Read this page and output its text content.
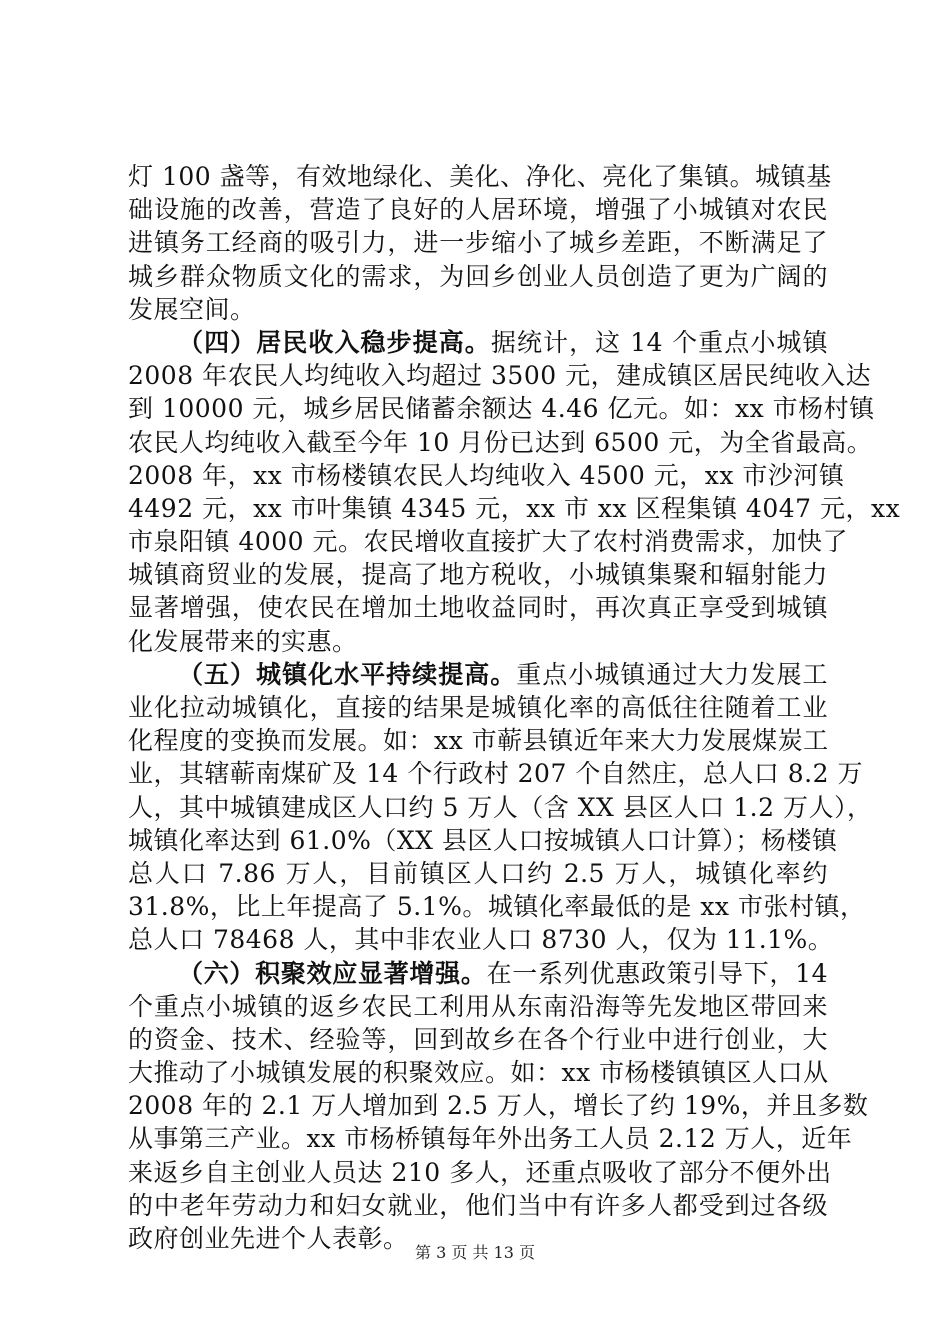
灯 100 盏等，有效地绿化、美化、净化、亮化了集镇。城镇基
础设施的改善，营造了良好的人居环境，增强了小城镇对农民
进镇务工经商的吸引力，进一步缩小了城乡差距，不断满足了
城乡群众物质文化的需求，为回乡创业人员创造了更为广阔的
发展空间。
（四）居民收入稳步提高。据统计，这 14 个重点小城镇
2008 年农民人均纯收入均超过 3500 元，建成镇区居民纯收入达
到 10000 元，城乡居民储蓄余额达 4.46 亿元。如：xx 市杨村镇
农民人均纯收入截至今年 10 月份已达到 6500 元，为全省最高。
2008 年，xx 市杨楼镇农民人均纯收入 4500 元，xx 市沙河镇
4492 元，xx 市叶集镇 4345 元，xx 市 xx 区程集镇 4047 元，xx
市泉阳镇 4000 元。农民增收直接扩大了农村消费需求，加快了
城镇商贸业的发展，提高了地方税收，小城镇集聚和辐射能力
显著增强，使农民在增加土地收益同时，再次真正享受到城镇
化发展带来的实惠。
（五）城镇化水平持续提高。重点小城镇通过大力发展工
业化拉动城镇化，直接的结果是城镇化率的高低往往随着工业
化程度的变换而发展。如：xx 市蕲县镇近年来大力发展煤炭工
业，其辖蕲南煤矿及 14 个行政村 207 个自然庄，总人口 8.2 万
人，其中城镇建成区人口约 5 万人（含 XX 县区人口 1.2 万人），
城镇化率达到 61.0%（XX 县区人口按城镇人口计算）；杨楼镇
总人口 7.86 万人，目前镇区人口约 2.5 万人，城镇化率约
31.8%，比上年提高了 5.1%。城镇化率最低的是 xx 市张村镇，
总人口 78468 人，其中非农业人口 8730 人，仅为 11.1%。
（六）积聚效应显著增强。在一系列优惠政策引导下，14
个重点小城镇的返乡农民工利用从东南沿海等先发地区带回来
的资金、技术、经验等，回到故乡在各个行业中进行创业，大
大推动了小城镇发展的积聚效应。如：xx 市杨楼镇镇区人口从
2008 年的 2.1 万人增加到 2.5 万人，增长了约 19%，并且多数
从事第三产业。xx 市杨桥镇每年外出务工人员 2.12 万人，近年
来返乡自主创业人员达 210 多人，还重点吸收了部分不便外出
的中老年劳动力和妇女就业，他们当中有许多人都受到过各级
政府创业先进个人表彰。 第 3 页 共 13 页
